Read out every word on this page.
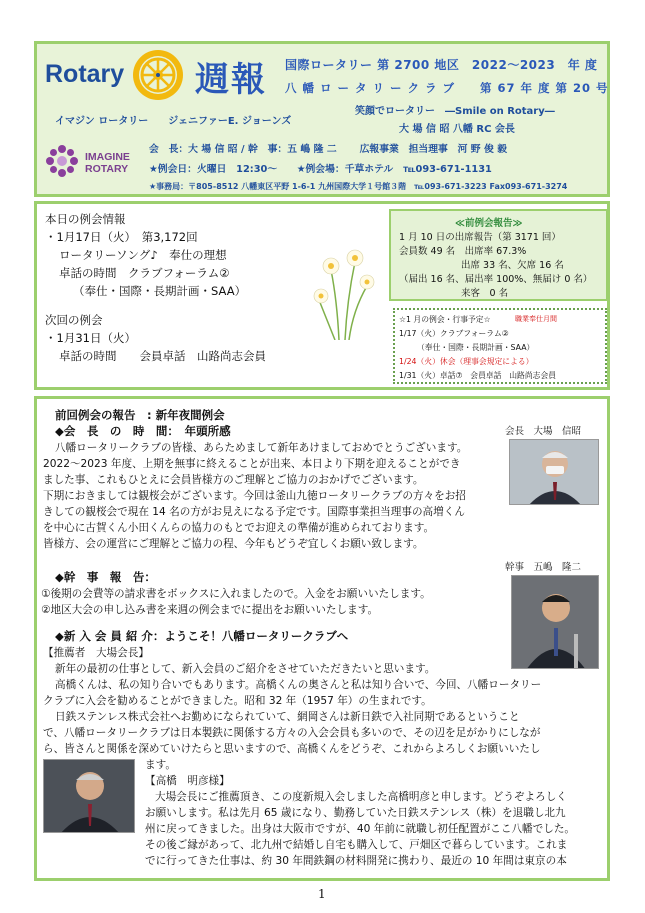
Rotary 週報 国際ロータリー 第 2700 地区　2022～2023　年 度
八 幡 ロ ー タ リ ー ク ラ ブ　　第 67 年 度 第 20 号
イマジン ロータリー　　ジェニファーE. ジョーンズ
笑顔でロータリー　―Smile on Rotary―
大 場 信 昭 八幡 RC 会長
IMAGINE
ROTARY
会　長：大 場 信 昭 / 幹　事：五 嶋 隆 二　　 広報事業　担当理事　河 野 俊 毅
★例会日：火曜日　12:30～　　★例会場：千草ホテル　℡093-671-1131
★事務局：〒805-8512 八幡東区平野 1-6-1 九州国際大学１号館３階　℡093-671-3223 Fax093-671-3274
本日の例会情報
・1月17日（火）　第3,172回
ロータリーソング♪　奉仕の理想
卓話の時間　クラブフォーラム②
（奉仕・国際・長期計画・SAA）
次回の例会
・1月31日（火）
卓話の時間　　会員卓話　山路尚志会員
≪前例会報告≫
1 月 10 日の出席報告（第 3171 回）
会員数 49 名　出席率 67.3%
出席 33 名、欠席 16 名
（届出 16 名、届出率 100%、無届け 0 名）
来客　0 名
☆1 月の例会・行事予定☆	職業奉仕月間
1/17（火）クラブフォーラム②
（奉仕・国際・長期計画・SAA）
1/24（火）休会（理事会規定による）
1/31（火）卓話⑦　会員卓話　山路尚志会員
前回例会の報告　: 新年夜間例会
◆会　長　の　時　間：　年頭所感	会長　大場　信昭
八幡ロータリークラブの皆様、あらためまして新年あけましておめでとうございます。
2022～2023 年度、上期を無事に終えることが出来、本日より下期を迎えることができ
ました事、これもひとえに会員皆様方のご理解とご協力のおかげでございます。
下期におきましては観桜会がございます。今回は釜山九徳ロータリークラブの方々をお招
きしての観桜会で現在 14 名の方がお見えになる予定です。国際事業担当理事の高増くん
を中心に古賀くん小田くんらの協力のもとでお迎えの準備が進められております。
皆様方、会の運営にご理解とご協力の程、今年もどうぞ宜しくお願い致します。
幹事　五嶋　隆二
◆幹　事　報　告：
①後期の会費等の請求書をボックスに入れましたので。入金をお願いいたします。
②地区大会の申し込み書を来週の例会までに提出をお願いいたします。
◆新 入 会 員 紹 介：ようこそ！八幡ロータリークラブへ
【推薦者　大場会長】
新年の最初の仕事として、新入会員のご紹介をさせていただきたいと思います。
高橋くんは、私の知り合いでもあります。高橋くんの奥さんと私は知り合いで、今回、八幡ロータリー
クラブに入会を勧めることができました。昭和 32 年（1957 年）の生まれです。
日鉄ステンレス株式会社へお勤めになられていて、網岡さんは新日鉄で入社同期であるということ
で、八幡ロータリークラブは日本製鉄に関係する方々の入会会員も多いので、その辺を足がかりにしなが
ら、皆さんと関係を深めていけたらと思いますので、高橋くんをどうぞ、これからよろしくお願いいたし
ます。
【高橋　明彦様】
大場会長にご推薦頂き、この度新規入会しました高橋明彦と申します。どうぞよろしく
お願いします。私は先月 65 歳になり、勤務していた日鉄ステンレス（株）を退職し北九
州に戻ってきました。出身は大阪市ですが、40 年前に就職し初任配置がここ八幡でした。
その後ご縁があって、北九州で結婚し自宅も購入して、戸畑区で暮らしています。これま
でに行ってきた仕事は、約 30 年間鉄鋼の材料開発に携わり、最近の 10 年間は東京の本
1
